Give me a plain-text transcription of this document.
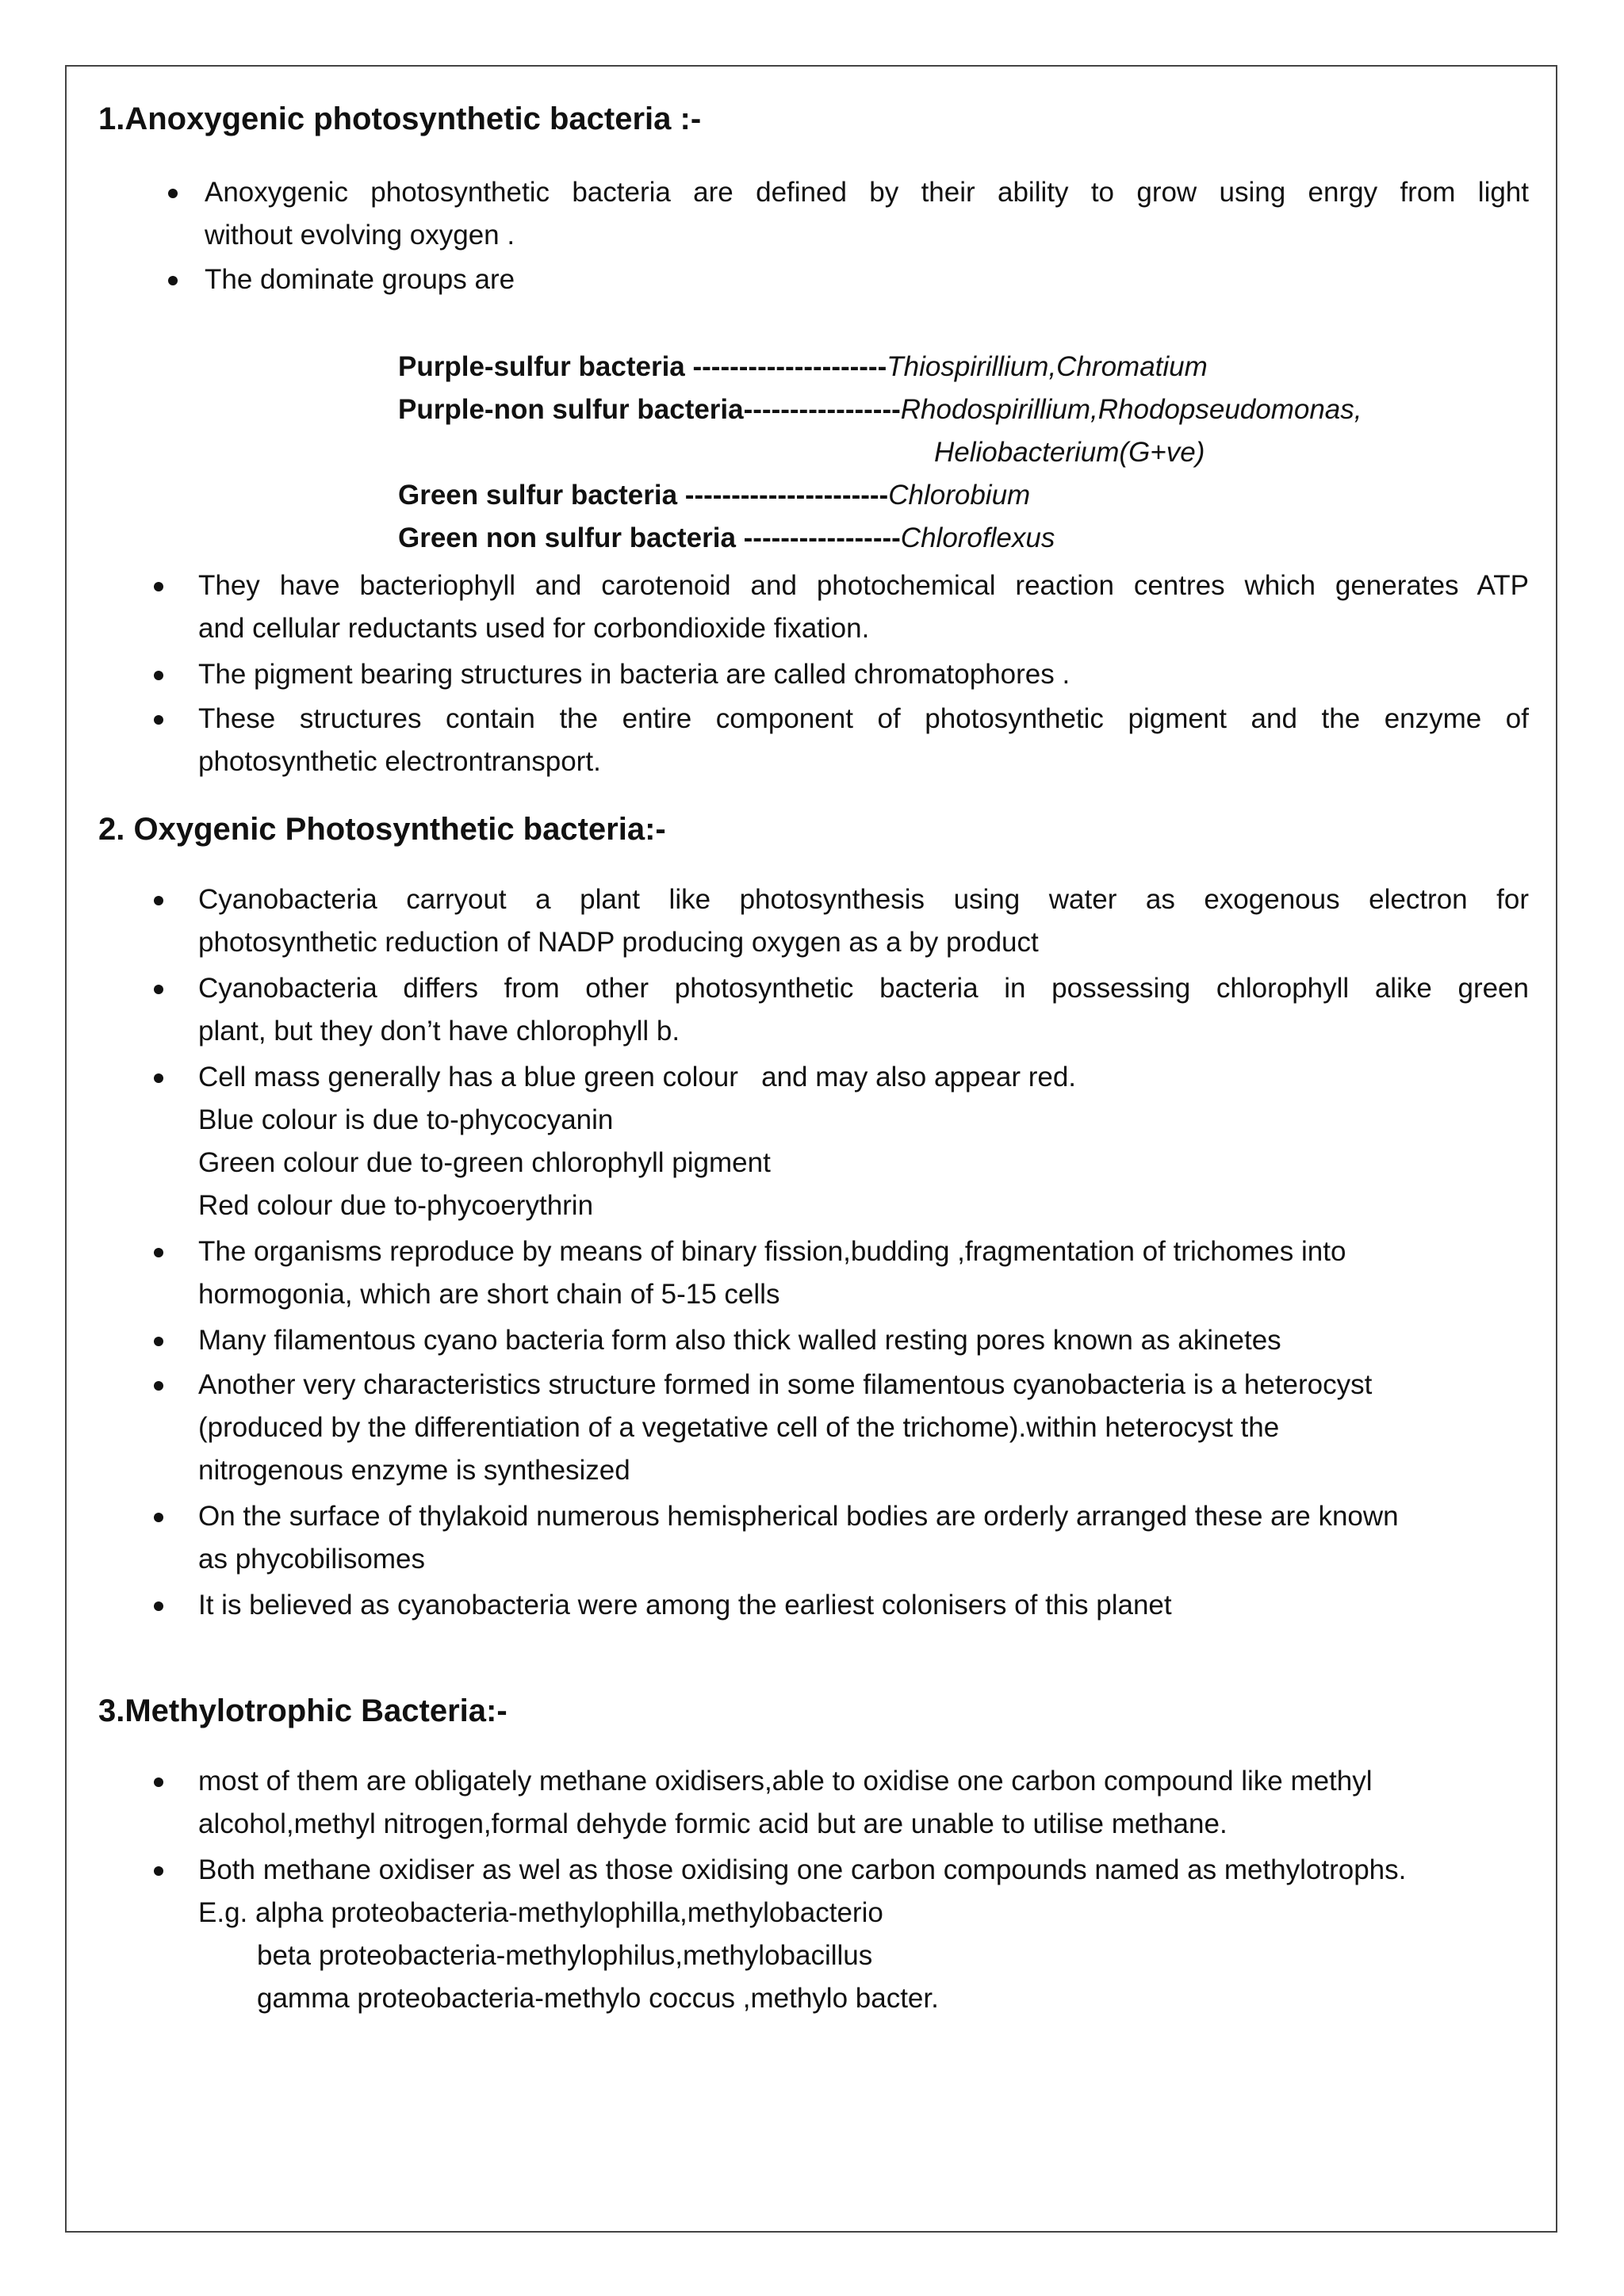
1.Anoxygenic photosynthetic bacteria :-
Anoxygenic photosynthetic bacteria are defined by their ability to grow using enrgy from light
without evolving oxygen .
The dominate groups are
Purple-sulfur bacteria ---------------------Thiospirillium,Chromatium
Purple-non sulfur bacteria-----------------Rhodospirillium,Rhodopseudomonas,
Heliobacterium(G+ve)
Green sulfur bacteria ----------------------Chlorobium
Green non sulfur bacteria -----------------Chloroflexus
They have bacteriophyll and carotenoid and photochemical reaction centres which generates ATP
and cellular reductants used for corbondioxide fixation.
The pigment bearing structures in bacteria are called chromatophores .
These structures contain the entire component of photosynthetic pigment and the enzyme of
photosynthetic electrontransport.
2. Oxygenic Photosynthetic bacteria:-
Cyanobacteria carryout a plant like photosynthesis using water as exogenous electron for
photosynthetic reduction of NADP producing oxygen as a by product
Cyanobacteria differs from other photosynthetic bacteria in possessing chlorophyll alike green
plant, but they don’t have chlorophyll b.
Cell mass generally has a blue green colour   and may also appear red.
Blue colour is due to-phycocyanin
Green colour due to-green chlorophyll pigment
Red colour due to-phycoerythrin
The organisms reproduce by means of binary fission,budding ,fragmentation of trichomes into
hormogonia, which are short chain of 5-15 cells
Many filamentous cyano bacteria form also thick walled resting pores known as akinetes
Another very characteristics structure formed in some filamentous cyanobacteria is a heterocyst
(produced by the differentiation of a vegetative cell of the trichome).within heterocyst the
nitrogenous enzyme is synthesized
On the surface of thylakoid numerous hemispherical bodies are orderly arranged these are known
as phycobilisomes
It is believed as cyanobacteria were among the earliest colonisers of this planet
3.Methylotrophic Bacteria:-
most of them are obligately methane oxidisers,able to oxidise one carbon compound like methyl
alcohol,methyl nitrogen,formal dehyde formic acid but are unable to utilise methane.
Both methane oxidiser as wel as those oxidising one carbon compounds named as methylotrophs.
E.g. alpha proteobacteria-methylophilla,methylobacterio
beta proteobacteria-methylophilus,methylobacillus
gamma proteobacteria-methylo coccus ,methylo bacter.
